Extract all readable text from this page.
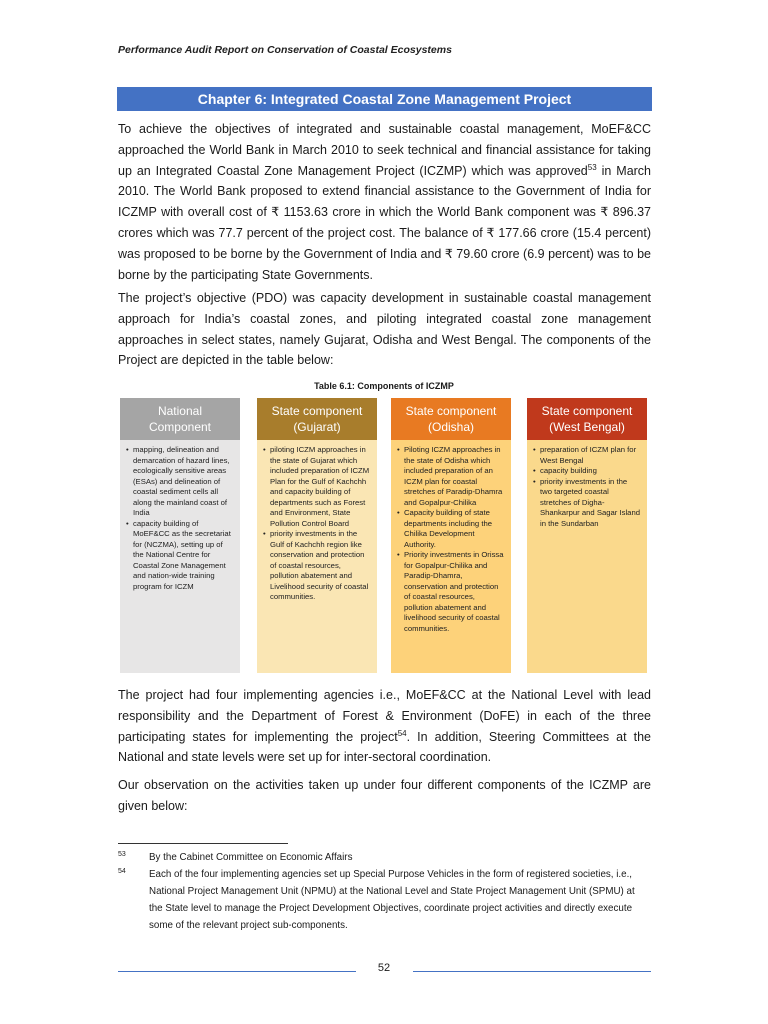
Performance Audit Report on Conservation of Coastal Ecosystems
Chapter 6: Integrated Coastal Zone Management Project

To achieve the objectives of integrated and sustainable coastal management, MoEF&CC approached the World Bank in March 2010 to seek technical and financial assistance for taking up an Integrated Coastal Zone Management Project (ICZMP) which was approved$^{53}$ in March 2010. The World Bank proposed to extend financial assistance to the Government of India for ICZMP with overall cost of ₹ 1153.63 crore in which the World Bank component was ₹ 896.37 crores which was 77.7 percent of the project cost. The balance of ₹ 177.66 crore (15.4 percent) was proposed to be borne by the Government of India and ₹ 79.60 crore (6.9 percent) was to be borne by the participating State Governments.

The project’s objective (PDO) was capacity development in sustainable coastal management approach for India’s coastal zones, and piloting integrated coastal zone management approaches in select states, namely Gujarat, Odisha and West Bengal. The components of the Project are depicted in the table below:

Table 6.1: Components of ICZMP
National
Component
• mapping, delineation and demarcation of hazard lines, ecologically sensitive areas (ESAs) and delineation of coastal sediment cells all along the mainland coast of India
• capacity building of MoEF&CC as the secretariat for (NCZMA), setting up of the National Centre for Coastal Zone Management and nation-wide training program for ICZM
State component
(Gujarat)
• piloting ICZM approaches in the state of Gujarat which included preparation of ICZM Plan for the Gulf of Kachchh and capacity building of departments such as Forest and Environment, State Pollution Control Board
• priority investments in the Gulf of Kachchh region like conservation and protection of coastal resources, pollution abatement and Livelihood security of coastal communities.
State component
(Odisha)
• Piloting ICZM approaches in the state of Odisha which included preparation of an ICZM plan for coastal stretches of Paradip-Dhamra and Gopalpur-Chilika
• Capacity building of state departments including the Chilika Development Authority.
• Priority investments in Orissa for Gopalpur-Chilika and Paradip-Dhamra, conservation and protection of coastal resources, pollution abatement and livelihood security of coastal communities.
State component
(West Bengal)
• preparation of ICZM plan for West Bengal
• capacity building
• priority investments in the two targeted coastal stretches of Digha-Shankarpur and Sagar Island in the Sundarban

The project had four implementing agencies i.e., MoEF&CC at the National Level with lead responsibility and the Department of Forest & Environment (DoFE) in each of the three participating states for implementing the project$^{54}$. In addition, Steering Committees at the National and state levels were set up for inter-sectoral coordination.

Our observation on the activities taken up under four different components of the ICZMP are given below:

53 By the Cabinet Committee on Economic Affairs
54 Each of the four implementing agencies set up Special Purpose Vehicles in the form of registered societies, i.e., National Project Management Unit (NPMU) at the National Level and State Project Management Unit (SPMU) at the State level to manage the Project Development Objectives, coordinate project activities and directly execute some of the relevant project sub-components.
52
